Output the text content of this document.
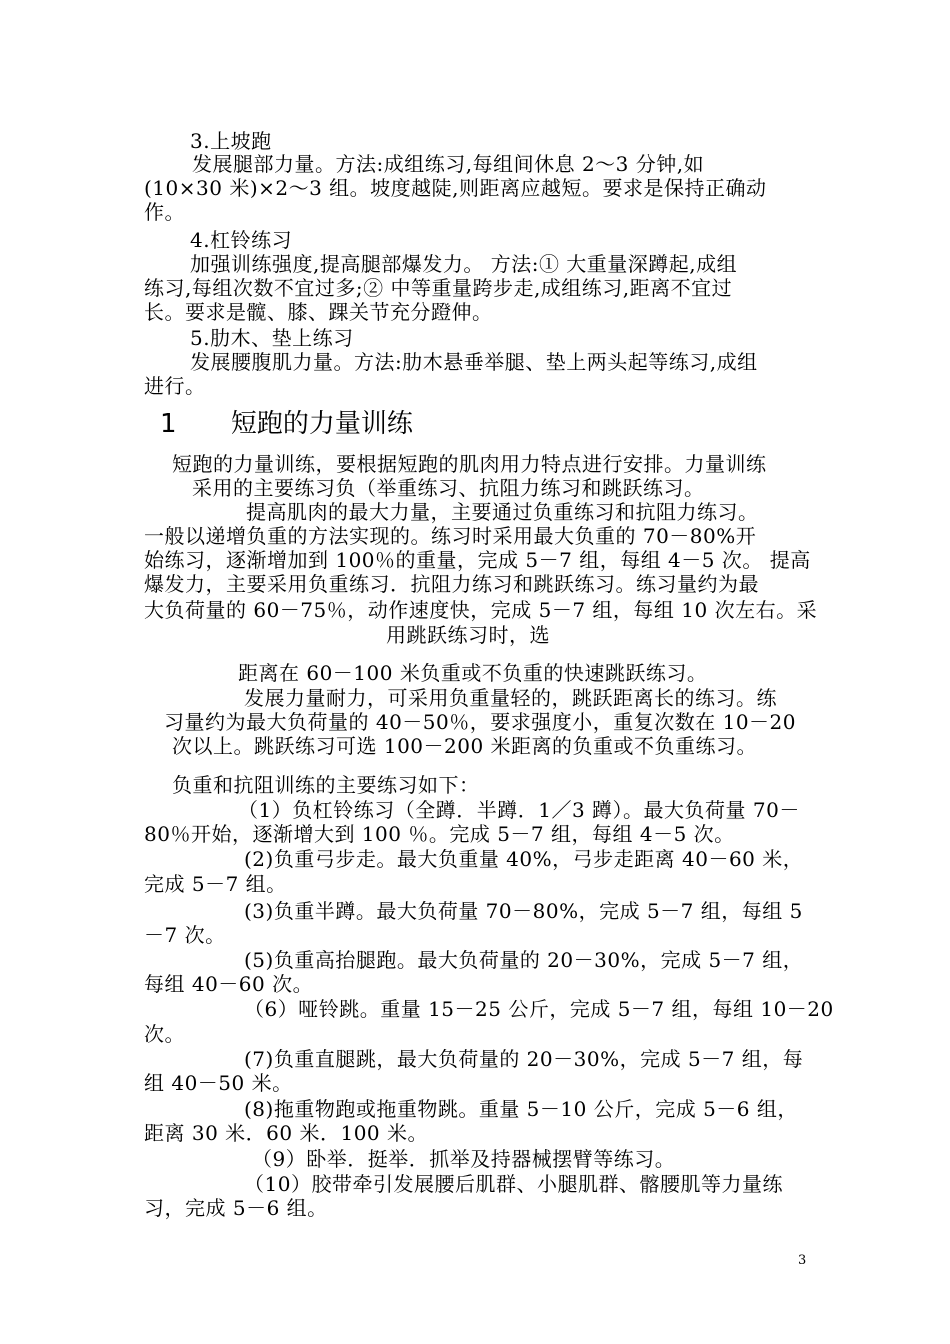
3.上坡跑
发展腿部力量。方法:成组练习,每组间休息 2～3 分钟,如
(10×30 米)×2～3 组。坡度越陡,则距离应越短。要求是保持正确动
作。
4.杠铃练习
加强训练强度,提高腿部爆发力。 方法:① 大重量深蹲起,成组
练习,每组次数不宜过多;② 中等重量跨步走,成组练习,距离不宜过
长。要求是髋、膝、踝关节充分蹬伸。
5.肋木、垫上练习
发展腰腹肌力量。方法:肋木悬垂举腿、垫上两头起等练习,成组
进行。
1 短跑的力量训练
短跑的力量训练，要根据短跑的肌肉用力特点进行安排。力量训练
采用的主要练习负（举重练习、抗阻力练习和跳跃练习。
提高肌肉的最大力量，主要通过负重练习和抗阻力练习。
一般以递增负重的方法实现的。练习时采用最大负重的 70－80%开
始练习，逐渐增加到 100％的重量，完成 5－7 组，每组 4－5 次。 提高
爆发力，主要采用负重练习．抗阻力练习和跳跃练习。练习量约为最
大负荷量的 60－75％，动作速度快，完成 5－7 组，每组 10 次左右。采
用跳跃练习时，选
距离在 60－100 米负重或不负重的快速跳跃练习。
发展力量耐力，可采用负重量轻的，跳跃距离长的练习。练
习量约为最大负荷量的 40－50％，要求强度小，重复次数在 10－20
次以上。跳跃练习可选 100－200 米距离的负重或不负重练习。
负重和抗阻训练的主要练习如下：
（1）负杠铃练习（全蹲．半蹲．1／3 蹲）。最大负荷量 70－
80％开始，逐渐增大到 100 ％。完成 5－7 组，每组 4－5 次。
(2)负重弓步走。最大负重量 40%，弓步走距离 40－60 米，
完成 5－7 组。
(3)负重半蹲。最大负荷量 70－80%，完成 5－7 组，每组 5
－7 次。
(5)负重高抬腿跑。最大负荷量的 20－30%，完成 5－7 组，
每组 40－60 次。
（6）哑铃跳。重量 15－25 公斤，完成 5－7 组，每组 10－20
次。
(7)负重直腿跳，最大负荷量的 20－30%，完成 5－7 组，每
组 40－50 米。
(8)拖重物跑或拖重物跳。重量 5－10 公斤，完成 5－6 组，
距离 30 米．60 米．100 米。
（9）卧举．挺举．抓举及持器械摆臂等练习。
（10）胶带牵引发展腰后肌群、小腿肌群、髂腰肌等力量练
习，完成 5－6 组。
3
